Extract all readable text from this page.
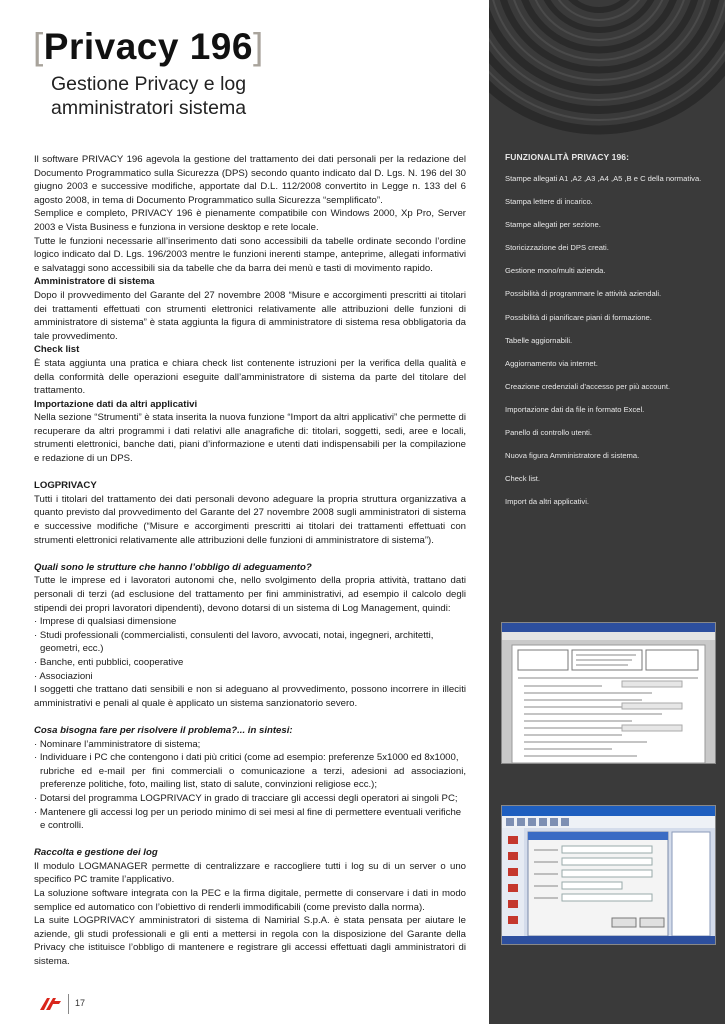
[Privacy 196]
Gestione Privacy e log
amministratori sistema

Il software PRIVACY 196 agevola la gestione del trattamento dei dati personali per la redazione del Documento Programmatico sulla Sicurezza (DPS) secondo quanto indicato dal D. Lgs. N. 196 del 30 giugno 2003 e successive modifiche, apportate dal D.L. 112/2008 convertito in Legge n. 133 del 6 agosto 2008, in tema di Documento Programmatico sulla Sicurezza “semplificato”.

Semplice e completo, PRIVACY 196 è pienamente compatibile con Windows 2000, Xp Pro, Server 2003 e Vista Business e funziona in versione desktop e rete locale.

Tutte le funzioni necessarie all’inserimento dati sono accessibili da tabelle ordinate secondo l’ordine logico indicato dal D. Lgs. 196/2003 mentre le funzioni inerenti stampe, anteprime, allegati informativi e salvataggi sono accessibili sia da tabelle che da barra dei menù e tasti di movimento rapido.

Amministratore di sistema

Dopo il provvedimento del Garante del 27 novembre 2008 “Misure e accorgimenti prescritti ai titolari dei trattamenti effettuati con strumenti elettronici relativamente alle attribuzioni delle funzioni di amministratore di sistema” è stata aggiunta la figura di amministratore di sistema resa obbligatoria da tale provvedimento.

Check list

È stata aggiunta una pratica e chiara check list contenente istruzioni per la verifica della qualità e della conformità delle operazioni eseguite dall’amministratore di sistema da parte del titolare del trattamento.

Importazione dati da altri applicativi

Nella sezione “Strumenti” è stata inserita la nuova funzione “Import da altri applicativi” che permette di recuperare da altri programmi i dati relativi alle anagrafiche di: titolari, soggetti, sedi, aree e locali, strumenti elettronici, banche dati, piani d’informazione e utenti dati indispensabili per la compilazione e redazione di un DPS.

LOGPRIVACY

Tutti i titolari del trattamento dei dati personali devono adeguare la propria struttura organizzativa a quanto previsto dal provvedimento del Garante del 27 novembre 2008 sugli amministratori di sistema e successive modifiche (“Misure e accorgimenti prescritti ai titolari dei trattamenti effettuati con strumenti elettronici relativamente alle attribuzioni delle funzioni di amministratore di sistema”).

Quali sono le strutture che hanno l’obbligo di adeguamento?

Tutte le imprese ed i lavoratori autonomi che, nello svolgimento della propria attività, trattano dati personali di terzi (ad esclusione del trattamento per fini amministrativi, ad esempio il calcolo degli stipendi dei propri lavoratori dipendenti), devono dotarsi di un sistema di Log Management, quindi:

· Imprese di qualsiasi dimensione

· Studi professionali (commercialisti, consulenti del lavoro, avvocati, notai, ingegneri, architetti,

geometri, ecc.)

· Banche, enti pubblici, cooperative

· Associazioni

I soggetti che trattano dati sensibili e non si adeguano al provvedimento, possono incorrere in illeciti amministrativi e penali al quale è applicato un sistema sanzionatorio severo.

Cosa bisogna fare per risolvere il problema?... in sintesi:

· Nominare l’amministratore di sistema;

· Individuare i PC che contengono i dati più critici (come ad esempio: preferenze 5x1000 ed 8x1000,

rubriche ed e-mail per fini commerciali o comunicazione a terzi, adesioni ad associazioni, preferenze politiche, foto, mailing list, stato di salute, convinzioni religiose ecc.);

· Dotarsi del programma LOGPRIVACY in grado di tracciare gli accessi degli operatori ai singoli PC;

· Mantenere gli accessi log per un periodo minimo di sei mesi al fine di permettere eventuali verifiche

e controlli.

Raccolta e gestione dei log

Il modulo LOGMANAGER permette di centralizzare e raccogliere tutti i log su di un server o uno specifico PC tramite l’applicativo.

La soluzione software integrata con la PEC e la firma digitale, permette di conservare i dati in modo semplice ed automatico con l’obiettivo di renderli immodificabili (come previsto dalla norma).

La suite LOGPRIVACY amministratori di sistema di Namirial S.p.A. è stata pensata per aiutare le aziende, gli studi professionali e gli enti a mettersi in regola con la disposizione del Garante della Privacy che istituisce l’obbligo di mantenere e registrare gli accessi effettuati dagli amministratori di sistema.

FUNZIONALITÀ PRIVACY 196:
Stampe allegati A1 ,A2 ,A3 ,A4 ,A5 ,B e C della normativa.
Stampa lettere di incarico.
Stampe allegati per sezione.
Storicizzazione dei DPS creati.
Gestione mono/multi azienda.
Possibilità di programmare le attività aziendali.
Possibilità di pianificare piani di formazione.
Tabelle aggiornabili.
Aggiornamento via internet.
Creazione credenziali d’accesso per più account.
Importazione dati da file in formato Excel.
Panello di controllo utenti.
Nuova figura Amministratore di sistema.
Check list.
Import da altri applicativi.
17
